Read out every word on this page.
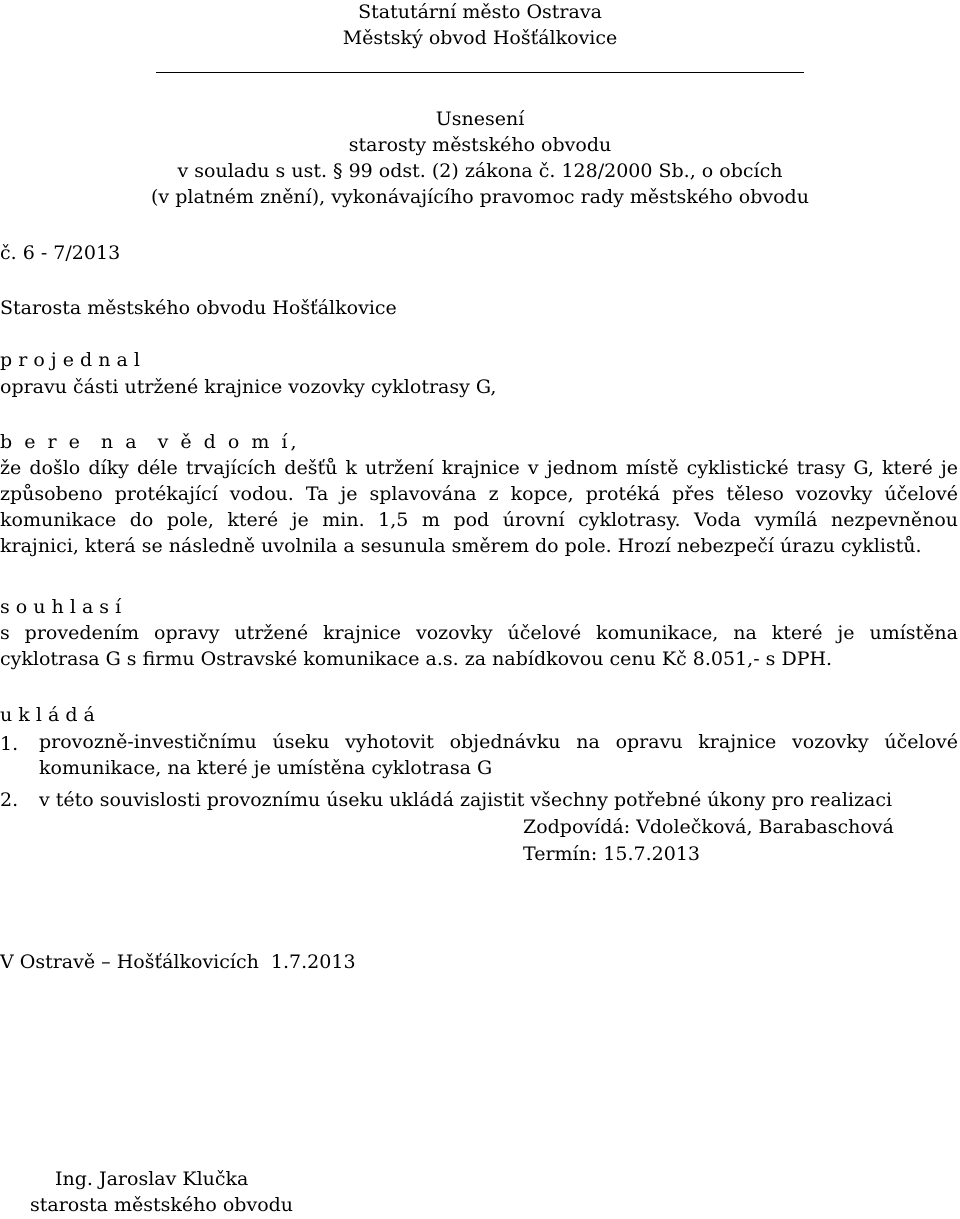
Statutární město Ostrava
Městský obvod Hošťálkovice
Usnesení
starosty městského obvodu
v souladu s ust. § 99 odst. (2) zákona č. 128/2000 Sb., o obcích
(v platném znění), vykonávajícího pravomoc rady městského obvodu
č. 6 - 7/2013
Starosta městského obvodu Hošťálkovice
p r o j e d n a l
opravu části utržené krajnice vozovky cyklotrasy G,
b e r e  n a  v ě d o m í,
že došlo díky déle trvajících dešťů k utržení krajnice v jednom místě cyklistické trasy G, které je
způsobeno protékající vodou. Ta je splavována z kopce, protéká přes těleso vozovky účelové
komunikace do pole, které je min. 1,5 m pod úrovní cyklotrasy. Voda vymílá nezpevněnou
krajnici, která se následně uvolnila a sesunula směrem do pole. Hrozí nebezpečí úrazu cyklistů.
s o u h l a s í
s provedením opravy utržené krajnice vozovky účelové komunikace, na které je umístěna
cyklotrasa G s firmu Ostravské komunikace a.s. za nabídkovou cenu Kč 8.051,- s DPH.
u k l á d á
1. provozně-investičnímu úseku vyhotovit objednávku na opravu krajnice vozovky účelové
komunikace, na které je umístěna cyklotrasa G
2. v této souvislosti provoznímu úseku ukládá zajistit všechny potřebné úkony pro realizaci
Zodpovídá: Vdolečková, Barabaschová
Termín: 15.7.2013
V Ostravě – Hošťálkovicích  1.7.2013
Ing. Jaroslav Klučka
starosta městského obvodu
